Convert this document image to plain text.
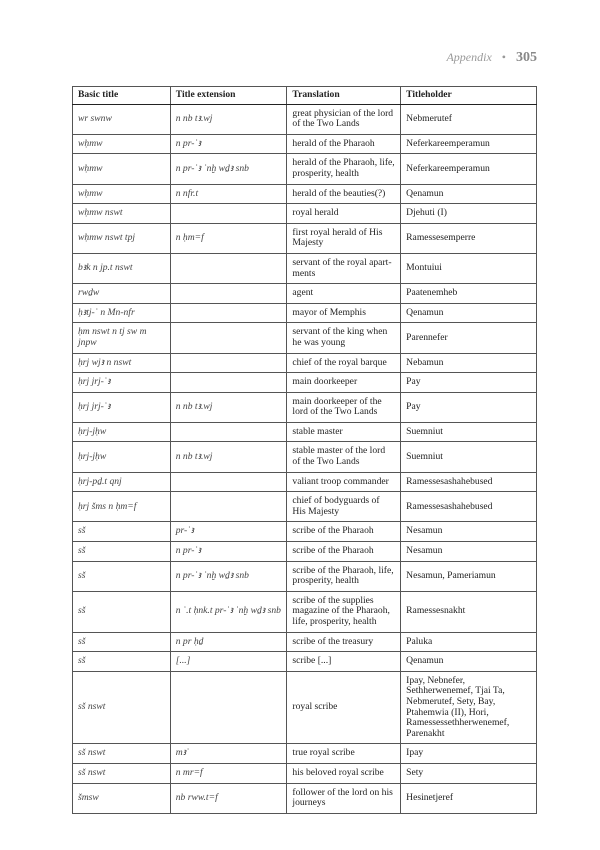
Appendix • 305
Basic title	Title extension	Translation	Titleholder
wr swnw	n nb tꜣ.wj	great physician of the lord of the Two Lands	Nebmerutef
wḥmw	n pr-ʿꜣ	herald of the Pharaoh	Neferkareemperamun
wḥmw	n pr-ʿꜣ ʿnḫ wḏꜣ snb	herald of the Pharaoh, life, prosperity, health	Neferkareemperamun
wḥmw	n nfr.t	herald of the beauties(?)	Qenamun
wḥmw nswt		royal herald	Djehuti (I)
wḥmw nswt tpj	n ḥm=f	first royal herald of His Majesty	Ramessesemperre
bꜣk n jp.t nswt		servant of the royal apartments	Montuiui
rwḏw		agent	Paatenemheb
ḥꜣtj-ʿ n Mn-nfr		mayor of Memphis	Qenamun
ḥm nswt n tj sw m jnpw		servant of the king when he was young	Parennefer
ḥrj wjꜣ n nswt		chief of the royal barque	Nebamun
ḥrj jrj-ʿꜣ		main doorkeeper	Pay
ḥrj jrj-ʿꜣ	n nb tꜣ.wj	main doorkeeper of the lord of the Two Lands	Pay
ḥrj-jḥw		stable master	Suemniut
ḥrj-jḥw	n nb tꜣ.wj	stable master of the lord of the Two Lands	Suemniut
ḥrj-pḏ.t qnj		valiant troop commander	Ramessesashahebused
ḥrj šms n ḥm=f		chief of bodyguards of His Majesty	Ramessesashahebused
sš	pr-ʿꜣ	scribe of the Pharaoh	Nesamun
sš	n pr-ʿꜣ	scribe of the Pharaoh	Nesamun
sš	n pr-ʿꜣ ʿnḫ wḏꜣ snb	scribe of the Pharaoh, life, prosperity, health	Nesamun, Pameriamun
sš	n ʿ.t ḥnk.t pr-ʿꜣ ʿnḫ wḏꜣ snb	scribe of the supplies magazine of the Pharaoh, life, prosperity, health	Ramessesnakht
sš	n pr ḥḏ	scribe of the treasury	Paluka
sš	[...]	scribe [...]	Qenamun
sš nswt		royal scribe	Ipay, Nebnefer, Sethherwenemef, Tjai Ta, Nebmerutef, Sety, Bay, Ptahemwia (II), Hori, Ramessessethherwenemef, Parenakht
sš nswt	mꜣʿ	true royal scribe	Ipay
sš nswt	n mr=f	his beloved royal scribe	Sety
šmsw	nb rww.t=f	follower of the lord on his journeys	Hesinetjeref
